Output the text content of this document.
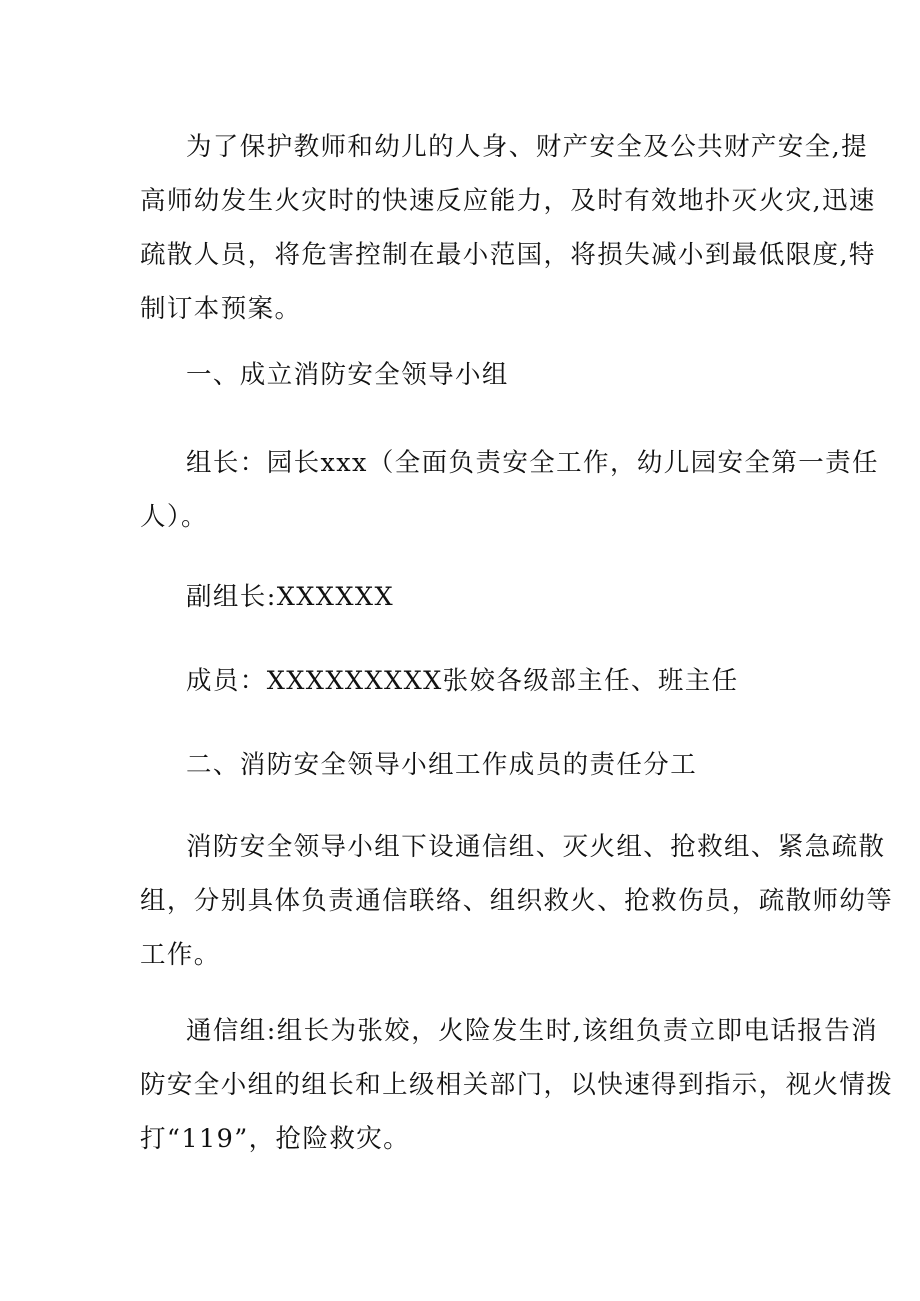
为了保护教师和幼儿的人身、财产安全及公共财产安全,提
高师幼发生火灾时的快速反应能力，及时有效地扑灭火灾,迅速
疏散人员，将危害控制在最小范国，将损失减小到最低限度,特
制订本预案。
一、成立消防安全领导小组
组长：园长xxx（全面负责安全工作，幼儿园安全第一责任
人）。
副组长:XXXXXX
成员：XXXXXXXXX张姣各级部主任、班主任
二、消防安全领导小组工作成员的责任分工
消防安全领导小组下设通信组、灭火组、抢救组、紧急疏散
组，分别具体负责通信联络、组织救火、抢救伤员，疏散师幼等
工作。
通信组:组长为张姣，火险发生时,该组负责立即电话报告消
防安全小组的组长和上级相关部门，以快速得到指示，视火情拨
打“119”，抢险救灾。
